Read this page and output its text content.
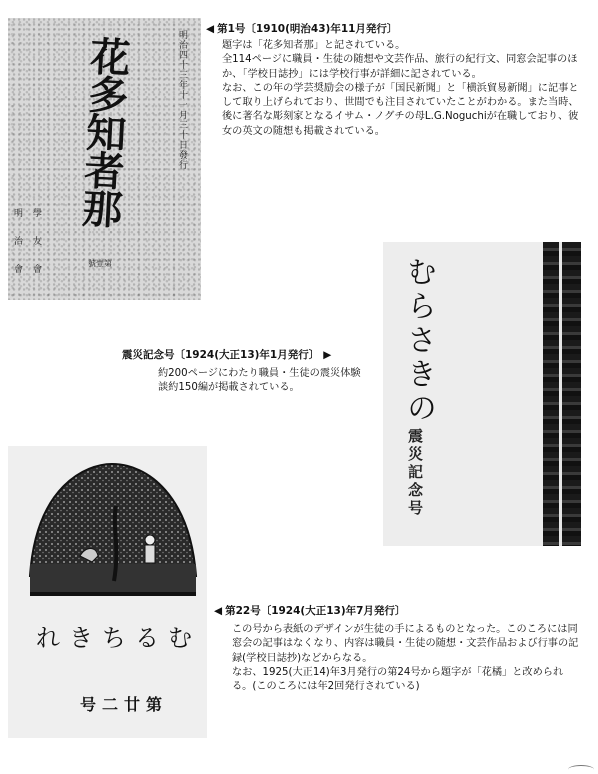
明治四十三年十一月三十日發行
花多知者那
明學
治友
會會
號壹第
◀ 第1号〔1910(明治43)年11月発行〕

題字は「花多知者那」と記されている。

全114ページに職員・生徒の随想や文芸作品、旅行の紀行文、同窓会記事のほか、「学校日誌抄」には学校行事が詳細に記されている。

なお、この年の学芸奨励会の様子が「国民新聞」と「横浜貿易新聞」に記事として取り上げられており、世間でも注目されていたことがわかる。また当時、後に著名な彫刻家となるイサム・ノグチの母L.G.Noguchiが在職しており、彼女の英文の随想も掲載されている。

むらさきの
震災記念号
震災記念号〔1924(大正13)年1月発行〕 ▶

約200ページにわたり職員・生徒の震災体験談約150編が掲載されている。

れきちるむ
号二廿第
◀ 第22号〔1924(大正13)年7月発行〕

この号から表紙のデザインが生徒の手によるものとなった。このころには同窓会の記事はなくなり、内容は職員・生徒の随想・文芸作品および行事の記録(学校日誌抄)などからなる。

なお、1925(大正14)年3月発行の第24号から題字が「花橘」と改められる。(このころには年2回発行されている)
